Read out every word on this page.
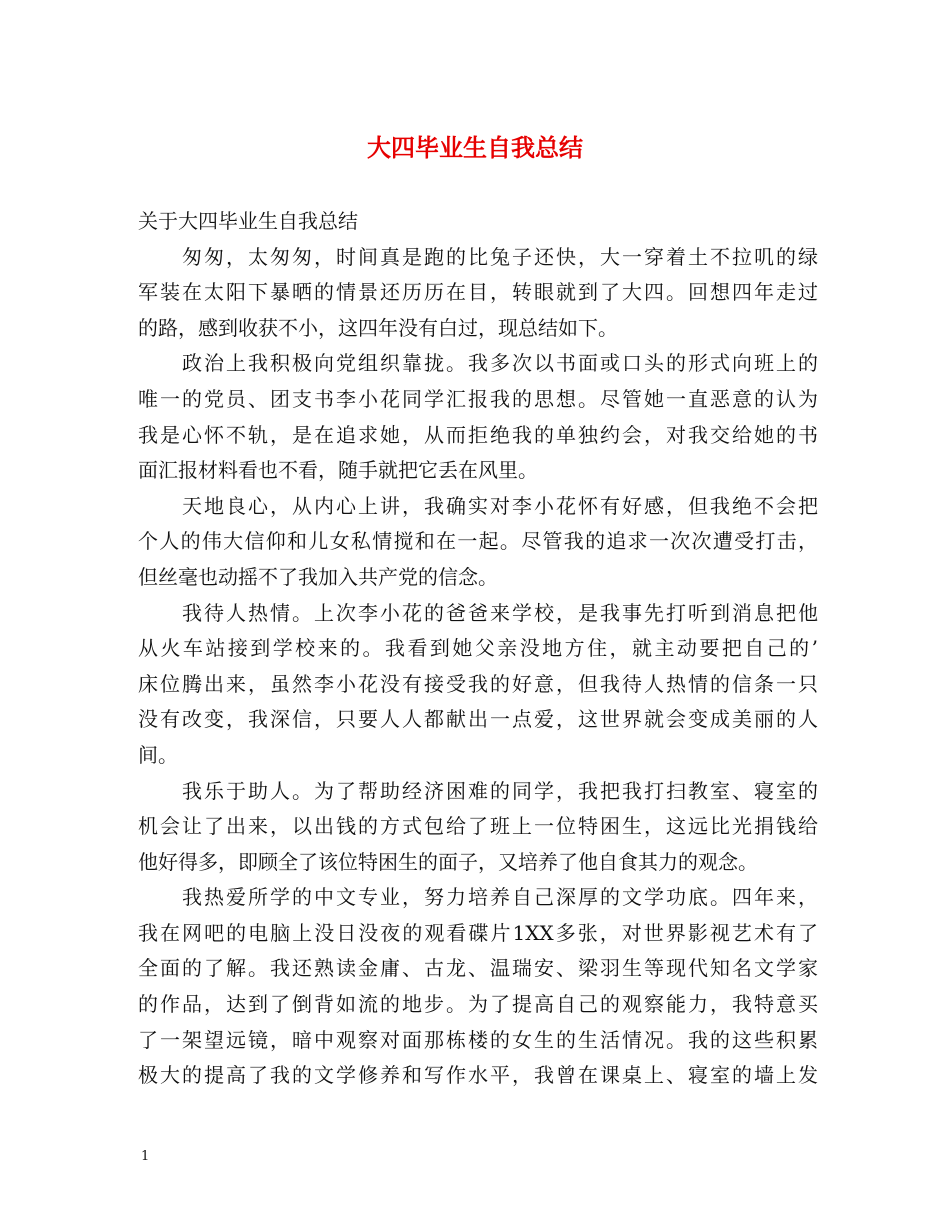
大四毕业生自我总结
关于大四毕业生自我总结
　　匆匆，太匆匆，时间真是跑的比兔子还快，大一穿着土不拉叽的绿
军装在太阳下暴晒的情景还历历在目，转眼就到了大四。回想四年走过
的路，感到收获不小，这四年没有白过，现总结如下。
　　政治上我积极向党组织靠拢。我多次以书面或口头的形式向班上的
唯一的党员、团支书李小花同学汇报我的思想。尽管她一直恶意的认为
我是心怀不轨，是在追求她，从而拒绝我的单独约会，对我交给她的书
面汇报材料看也不看，随手就把它丢在风里。
　　天地良心，从内心上讲，我确实对李小花怀有好感，但我绝不会把
个人的伟大信仰和儿女私情搅和在一起。尽管我的追求一次次遭受打击，
但丝毫也动摇不了我加入共产党的信念。
　　我待人热情。上次李小花的爸爸来学校，是我事先打听到消息把他
从火车站接到学校来的。我看到她父亲没地方住，就主动要把自己的’
床位腾出来，虽然李小花没有接受我的好意，但我待人热情的信条一只
没有改变，我深信，只要人人都献出一点爱，这世界就会变成美丽的人
间。
　　我乐于助人。为了帮助经济困难的同学，我把我打扫教室、寝室的
机会让了出来，以出钱的方式包给了班上一位特困生，这远比光捐钱给
他好得多，即顾全了该位特困生的面子，又培养了他自食其力的观念。
　　我热爱所学的中文专业，努力培养自己深厚的文学功底。四年来，
我在网吧的电脑上没日没夜的观看碟片1XX多张，对世界影视艺术有了
全面的了解。我还熟读金庸、古龙、温瑞安、梁羽生等现代知名文学家
的作品，达到了倒背如流的地步。为了提高自己的观察能力，我特意买
了一架望远镜，暗中观察对面那栋楼的女生的生活情况。我的这些积累
极大的提高了我的文学修养和写作水平，我曾在课桌上、寝室的墙上发
1
